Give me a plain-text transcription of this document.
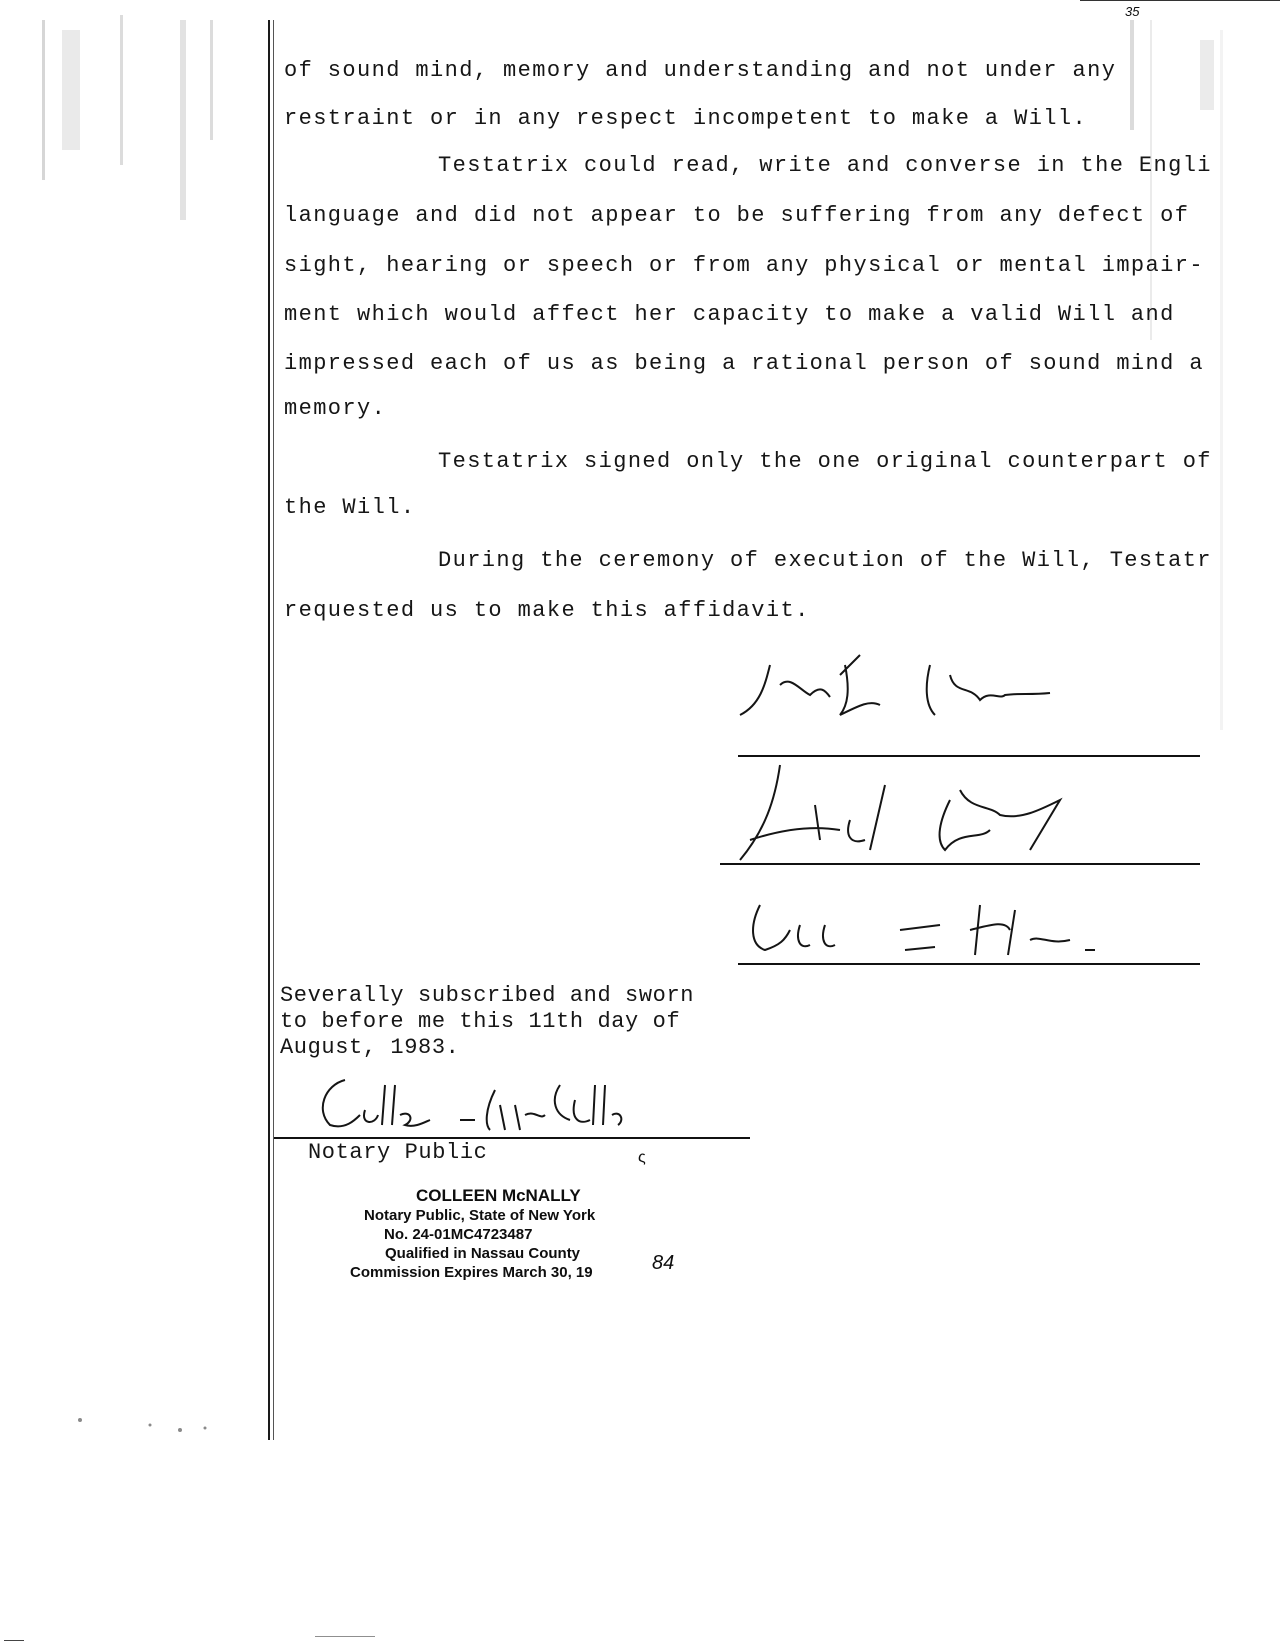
35
of sound mind, memory and understanding and not under any
restraint or in any respect incompetent to make a Will.
Testatrix could read, write and converse in the Engli
language and did not appear to be suffering from any defect of
sight, hearing or speech or from any physical or mental impair-
ment which would affect her capacity to make a valid Will and
impressed each of us as being a rational person of sound mind a
memory.
Testatrix signed only the one original counterpart of
the Will.
During the ceremony of execution of the Will, Testatr
requested us to make this affidavit.
Severally subscribed and sworn
to before me this 11th day of
August, 1983.
Notary Public	ς
COLLEEN McNALLY
Notary Public, State of New York
No. 24-01MC4723487
Qualified in Nassau County
Commission Expires March 30, 19	84
